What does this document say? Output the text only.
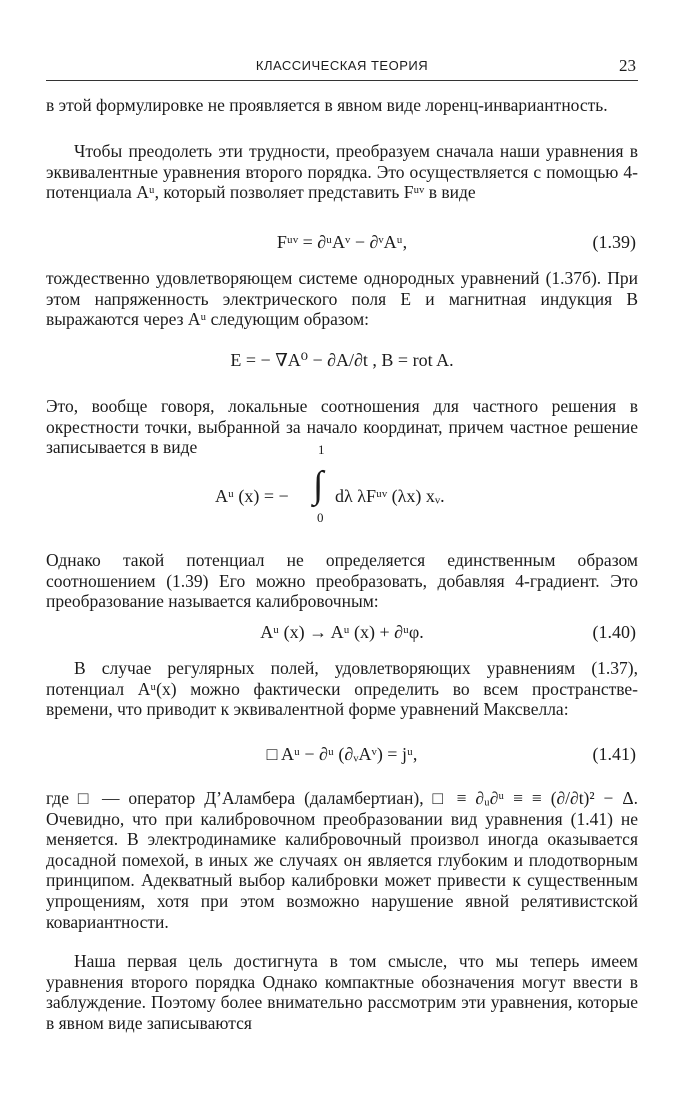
КЛАССИЧЕСКАЯ ТЕОРИЯ	23

в этой формулировке не проявляется в явном виде лоренц-инвариантность.

Чтобы преодолеть эти трудности, преобразуем сначала наши уравнения в эквивалентные уравнения второго порядка. Это осуществляется с помощью 4-потенциала Aᵘ, который позволяет представить Fᵘᵛ в виде

Fᵘᵛ = ∂ᵘAᵛ − ∂ᵛAᵘ,	(1.39)

тождественно удовлетворяющем системе однородных уравнений (1.37б). При этом напряженность электрического поля E и магнитная индукция B выражаются через Aᵘ следующим образом:

E = − ∇A⁰ − ∂A/∂t , B = rot A.

Это, вообще говоря, локальные соотношения для частного решения в окрестности точки, выбранной за начало координат, причем частное решение записывается в виде

Aᵘ (x) = −
1
∫
0
dλ λFᵘᵛ (λx) xᵥ.

Однако такой потенциал не определяется единственным образом соотношением (1.39) Его можно преобразовать, добавляя 4-градиент. Это преобразование называется калибровочным:

Aᵘ (x) → Aᵘ (x) + ∂ᵘφ.	(1.40)

В случае регулярных полей, удовлетворяющих уравнениям (1.37), потенциал Aᵘ(x) можно фактически определить во всем пространстве-времени, что приводит к эквивалентной форме уравнений Максвелла:

□ Aᵘ − ∂ᵘ (∂ᵥAᵛ) = jᵘ,	(1.41)

где □ — оператор Д’Аламбера (даламбертиан), □ ≡ ∂ᵤ∂ᵘ ≡ ≡ (∂/∂t)² − Δ. Очевидно, что при калибровочном преобразовании вид уравнения (1.41) не меняется. В электродинамике калибровочный произвол иногда оказывается досадной помехой, в иных же случаях он является глубоким и плодотворным принципом. Адекватный выбор калибровки может привести к существенным упрощениям, хотя при этом возможно нарушение явной релятивистской ковариантности.

Наша первая цель достигнута в том смысле, что мы теперь имеем уравнения второго порядка Однако компактные обозначения могут ввести в заблуждение. Поэтому более внимательно рассмотрим эти уравнения, которые в явном виде записываются
